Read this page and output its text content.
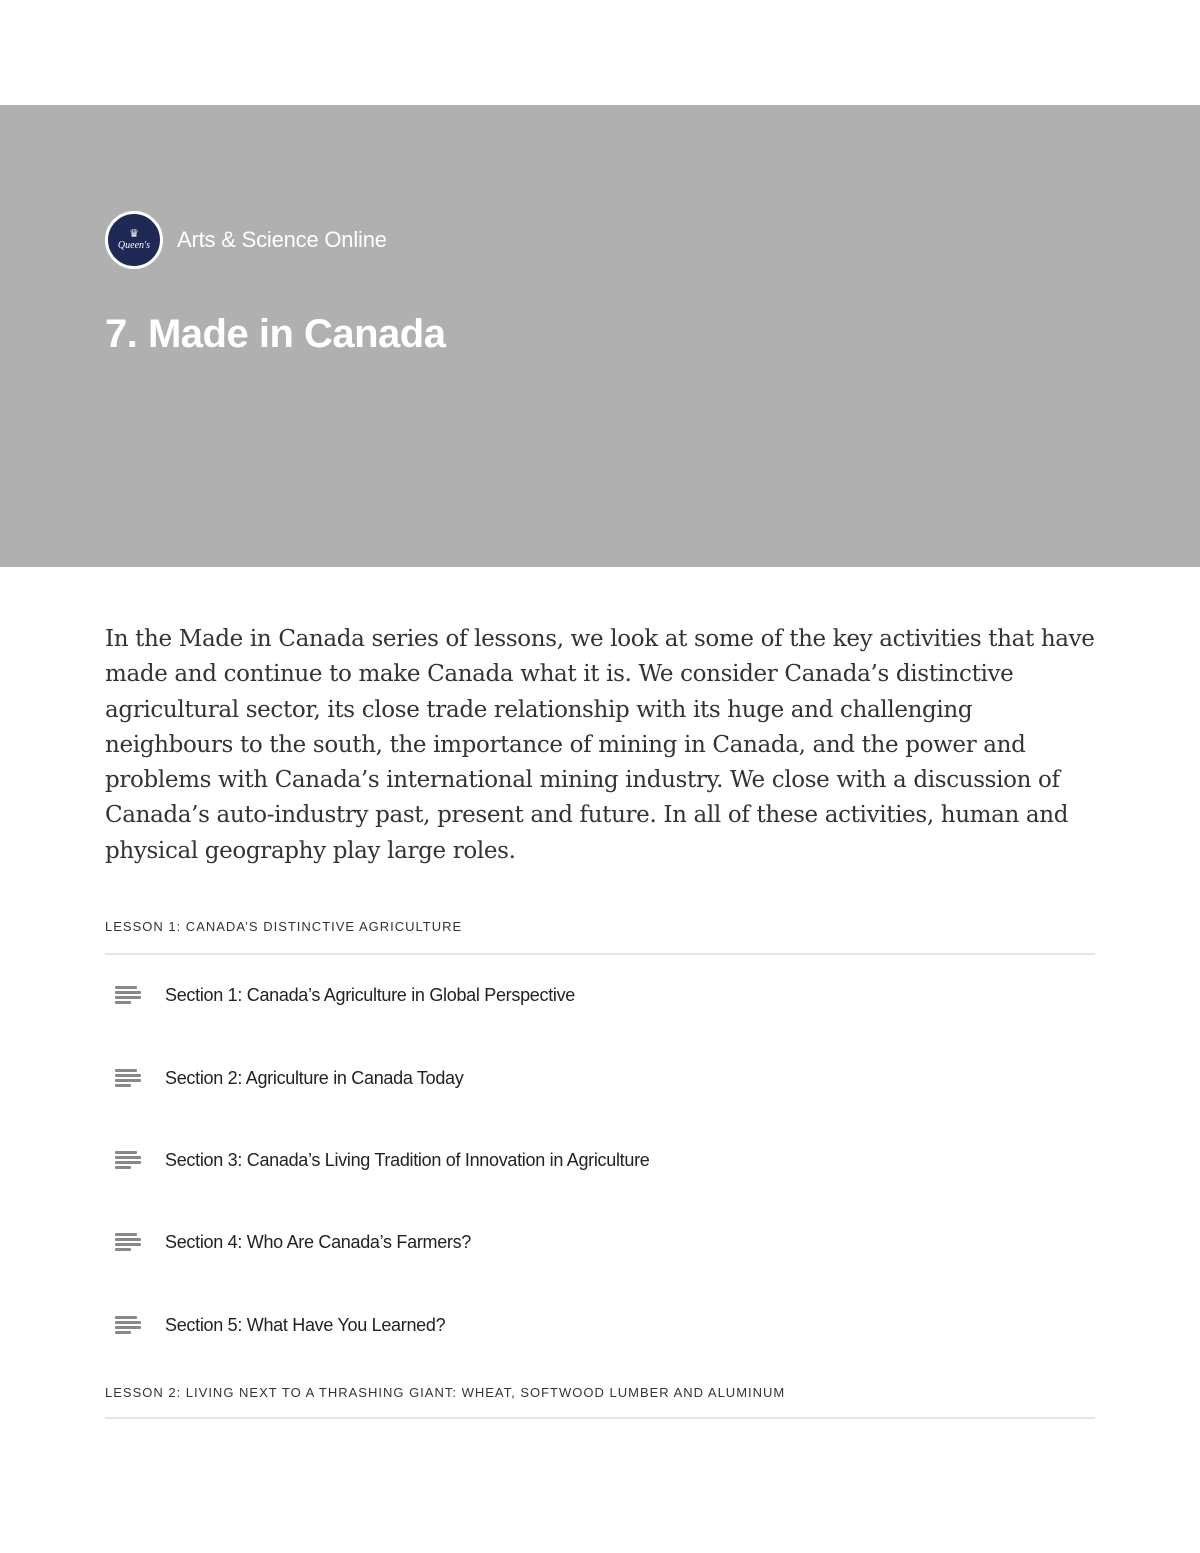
♛
Queen's Arts & Science Online
7. Made in Canada

In the Made in Canada series of lessons, we look at some of the key activities that have made and continue to make Canada what it is. We consider Canada’s distinctive agricultural sector, its close trade relationship with its huge and challenging neighbours to the south, the importance of mining in Canada, and the power and problems with Canada’s international mining industry. We close with a discussion of Canada’s auto-industry past, present and future. In all of these activities, human and physical geography play large roles.

LESSON 1: CANADA’S DISTINCTIVE AGRICULTURE
Section 1: Canada’s Agriculture in Global Perspective
Section 2: Agriculture in Canada Today
Section 3: Canada’s Living Tradition of Innovation in Agriculture
Section 4: Who Are Canada’s Farmers?
Section 5: What Have You Learned?
LESSON 2: LIVING NEXT TO A THRASHING GIANT: WHEAT, SOFTWOOD LUMBER AND ALUMINUM
